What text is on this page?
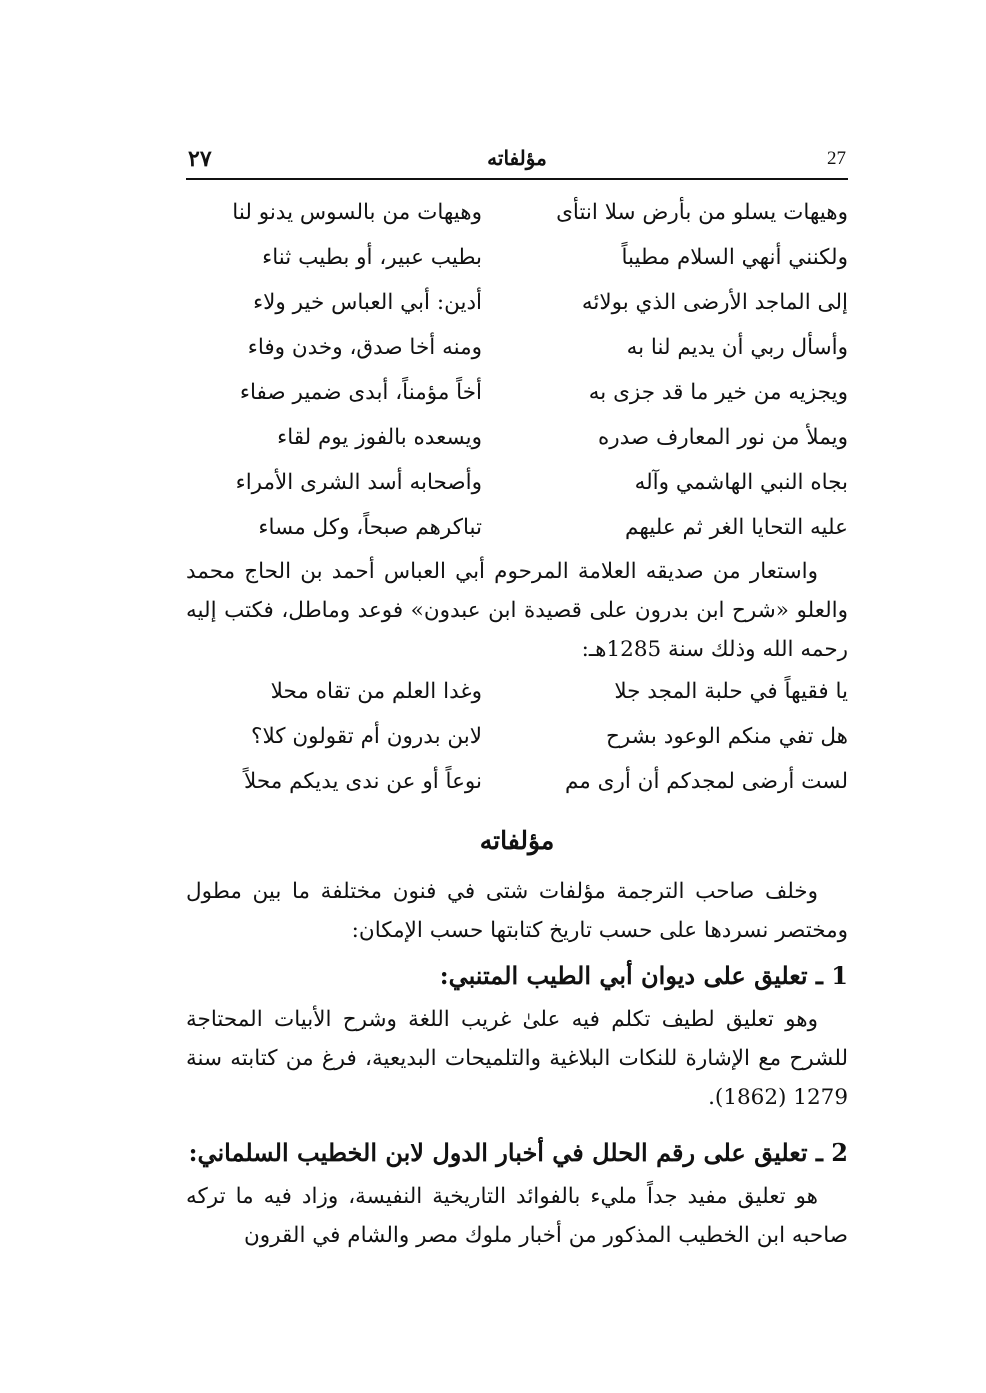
٢٧	مؤلفاته	27
وهيهات يسلو من بأرض سلا انتأى
وهيهات من بالسوس يدنو لنا
ولكنني أنهي السلام مطيباً
بطيب عبير، أو بطيب ثناء
إلى الماجد الأرضى الذي بولائه
أدين: أبي العباس خير ولاء
وأسأل ربي أن يديم لنا به
ومنه أخا صدق، وخدن وفاء
ويجزيه من خير ما قد جزى به
أخاً مؤمناً، أبدى ضمير صفاء
ويملأ من نور المعارف صدره
ويسعده بالفوز يوم لقاء
بجاه النبي الهاشمي وآله
وأصحابه أسد الشرى الأمراء
عليه التحايا الغر ثم عليهم
تباكرهم صبحاً، وكل مساء
واستعار من صديقه العلامة المرحوم أبي العباس أحمد بن الحاج محمد والعلو «شرح ابن بدرون على قصيدة ابن عبدون» فوعد وماطل، فكتب إليه رحمه الله وذلك سنة 1285هـ:
يا فقيهاً في حلبة المجد جلا
وغدا العلم من تقاه محلا
هل تفي منكم الوعود بشرح
لابن بدرون أم تقولون كلا؟
لست أرضى لمجدكم أن أرى مم
نوعاً أو عن ندى يديكم محلاً
مؤلفاته
وخلف صاحب الترجمة مؤلفات شتى في فنون مختلفة ما بين مطول ومختصر نسردها على حسب تاريخ كتابتها حسب الإمكان:
1 ـ تعليق على ديوان أبي الطيب المتنبي:
وهو تعليق لطيف تكلم فيه علىٰ غريب اللغة وشرح الأبيات المحتاجة للشرح مع الإشارة للنكات البلاغية والتلميحات البديعية، فرغ من كتابته سنة 1279 (1862).
2 ـ تعليق على رقم الحلل في أخبار الدول لابن الخطيب السلماني:
هو تعليق مفيد جداً مليء بالفوائد التاريخية النفيسة، وزاد فيه ما تركه صاحبه ابن الخطيب المذكور من أخبار ملوك مصر والشام في القرون
